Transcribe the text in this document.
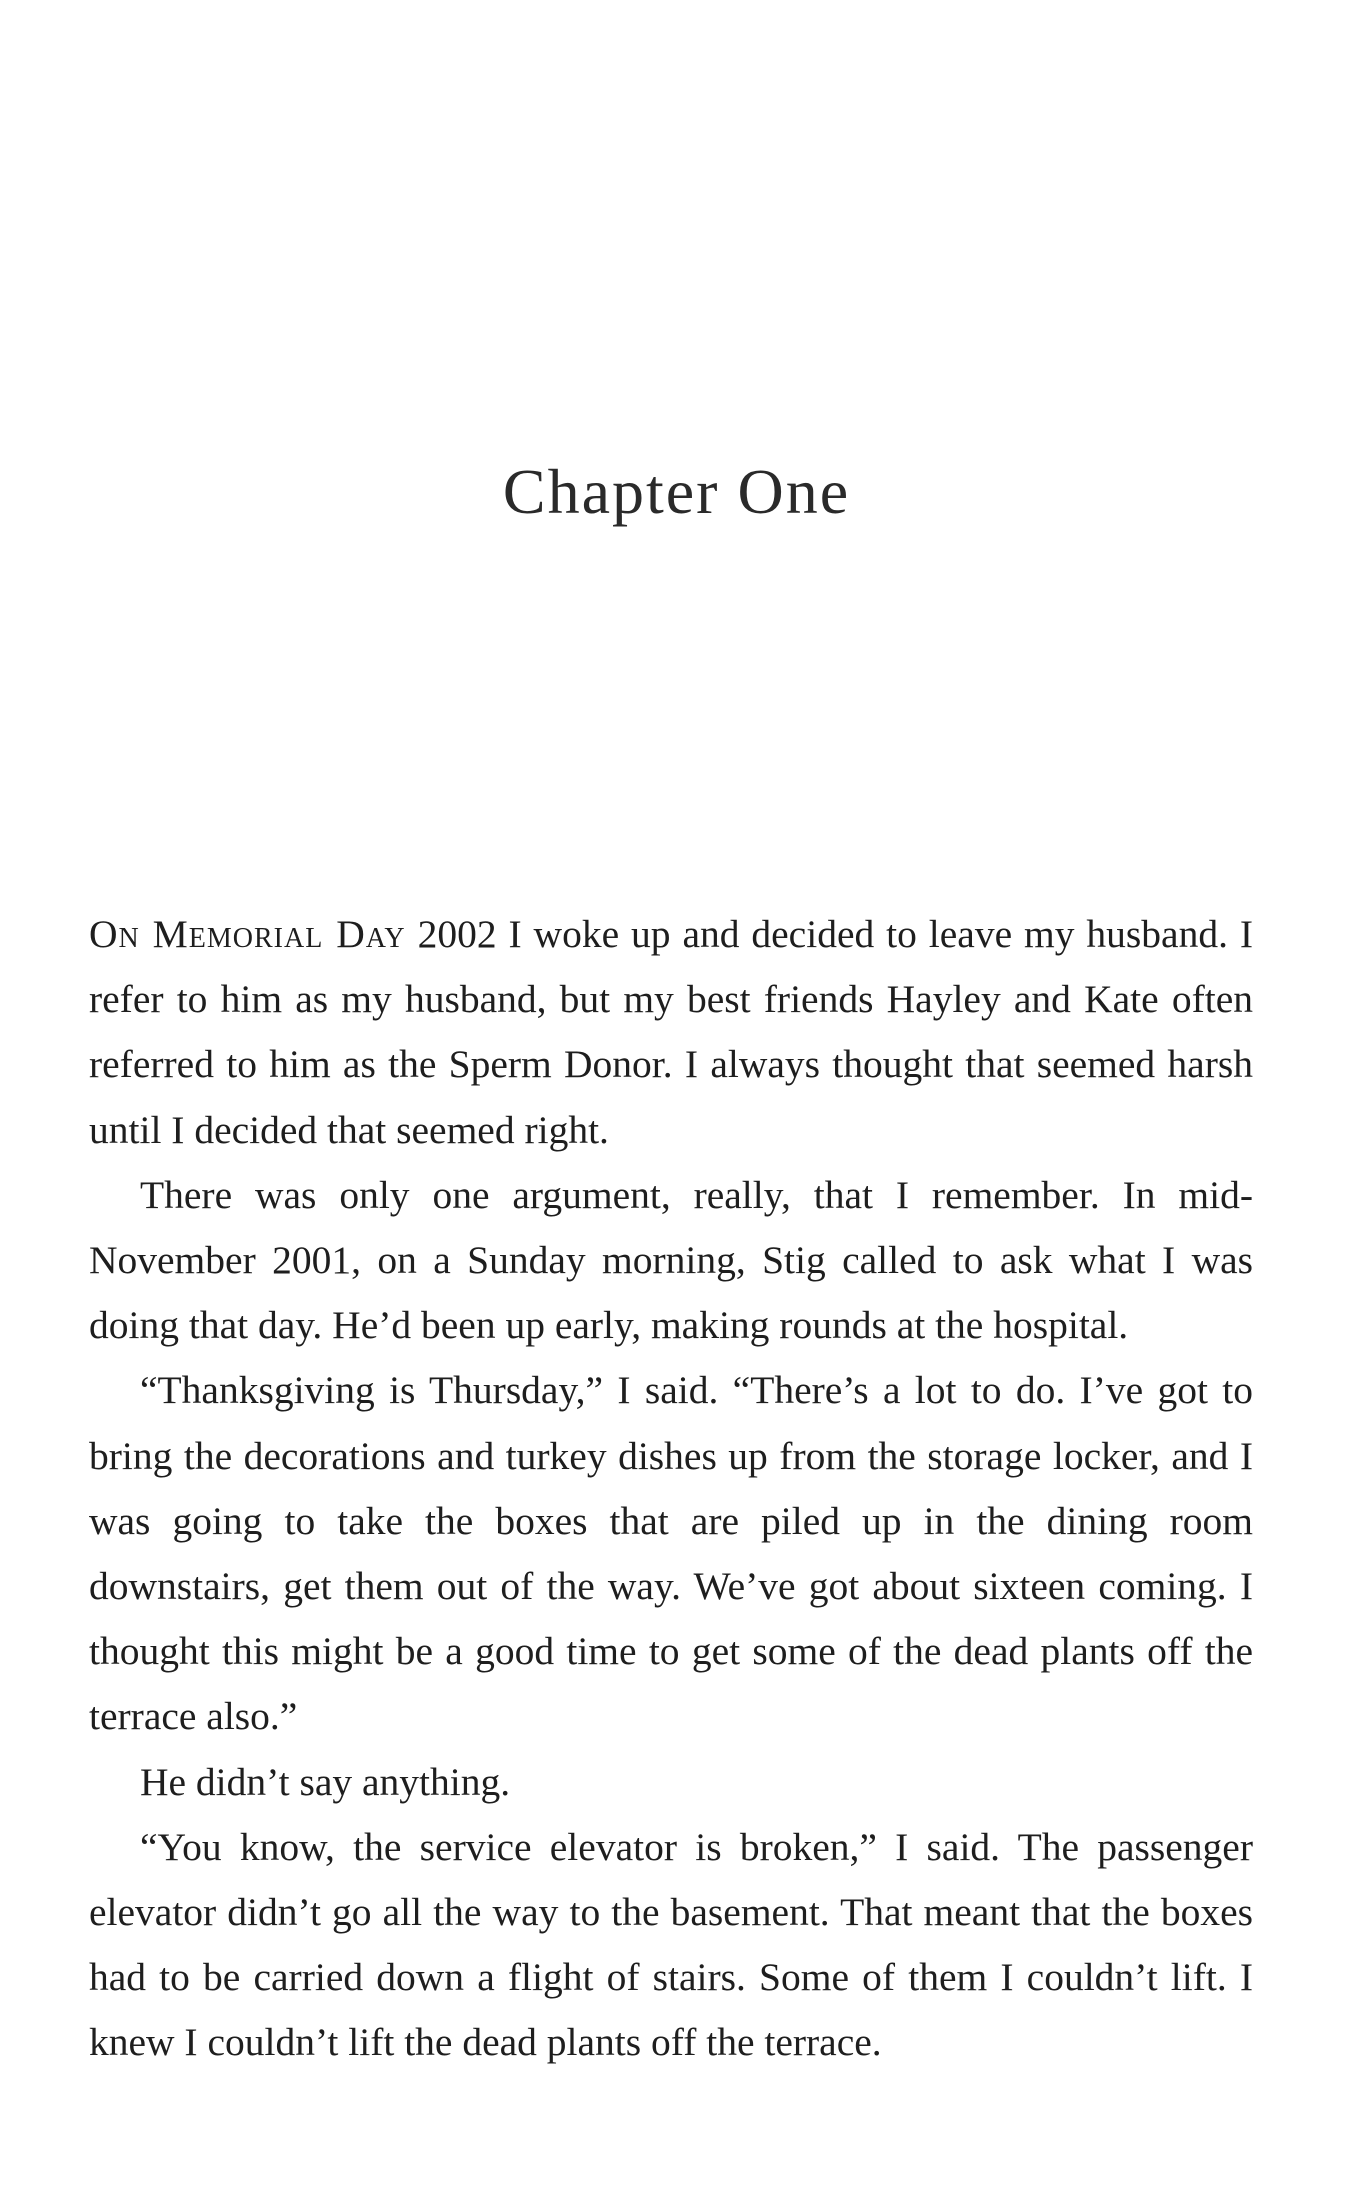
Chapter One

On Memorial Day 2002 I woke up and decided to leave my husband. I refer to him as my husband, but my best friends Hayley and Kate often referred to him as the Sperm Donor. I always thought that seemed harsh until I decided that seemed right.

There was only one argument, really, that I remember. In mid-November 2001, on a Sunday morning, Stig called to ask what I was doing that day. He’d been up early, making rounds at the hospital.

“Thanksgiving is Thursday,” I said. “There’s a lot to do. I’ve got to bring the decorations and turkey dishes up from the storage locker, and I was going to take the boxes that are piled up in the dining room downstairs, get them out of the way. We’ve got about sixteen coming. I thought this might be a good time to get some of the dead plants off the terrace also.”

He didn’t say anything.

“You know, the service elevator is broken,” I said. The passenger elevator didn’t go all the way to the basement. That meant that the boxes had to be carried down a flight of stairs. Some of them I couldn’t lift. I knew I couldn’t lift the dead plants off the terrace.
